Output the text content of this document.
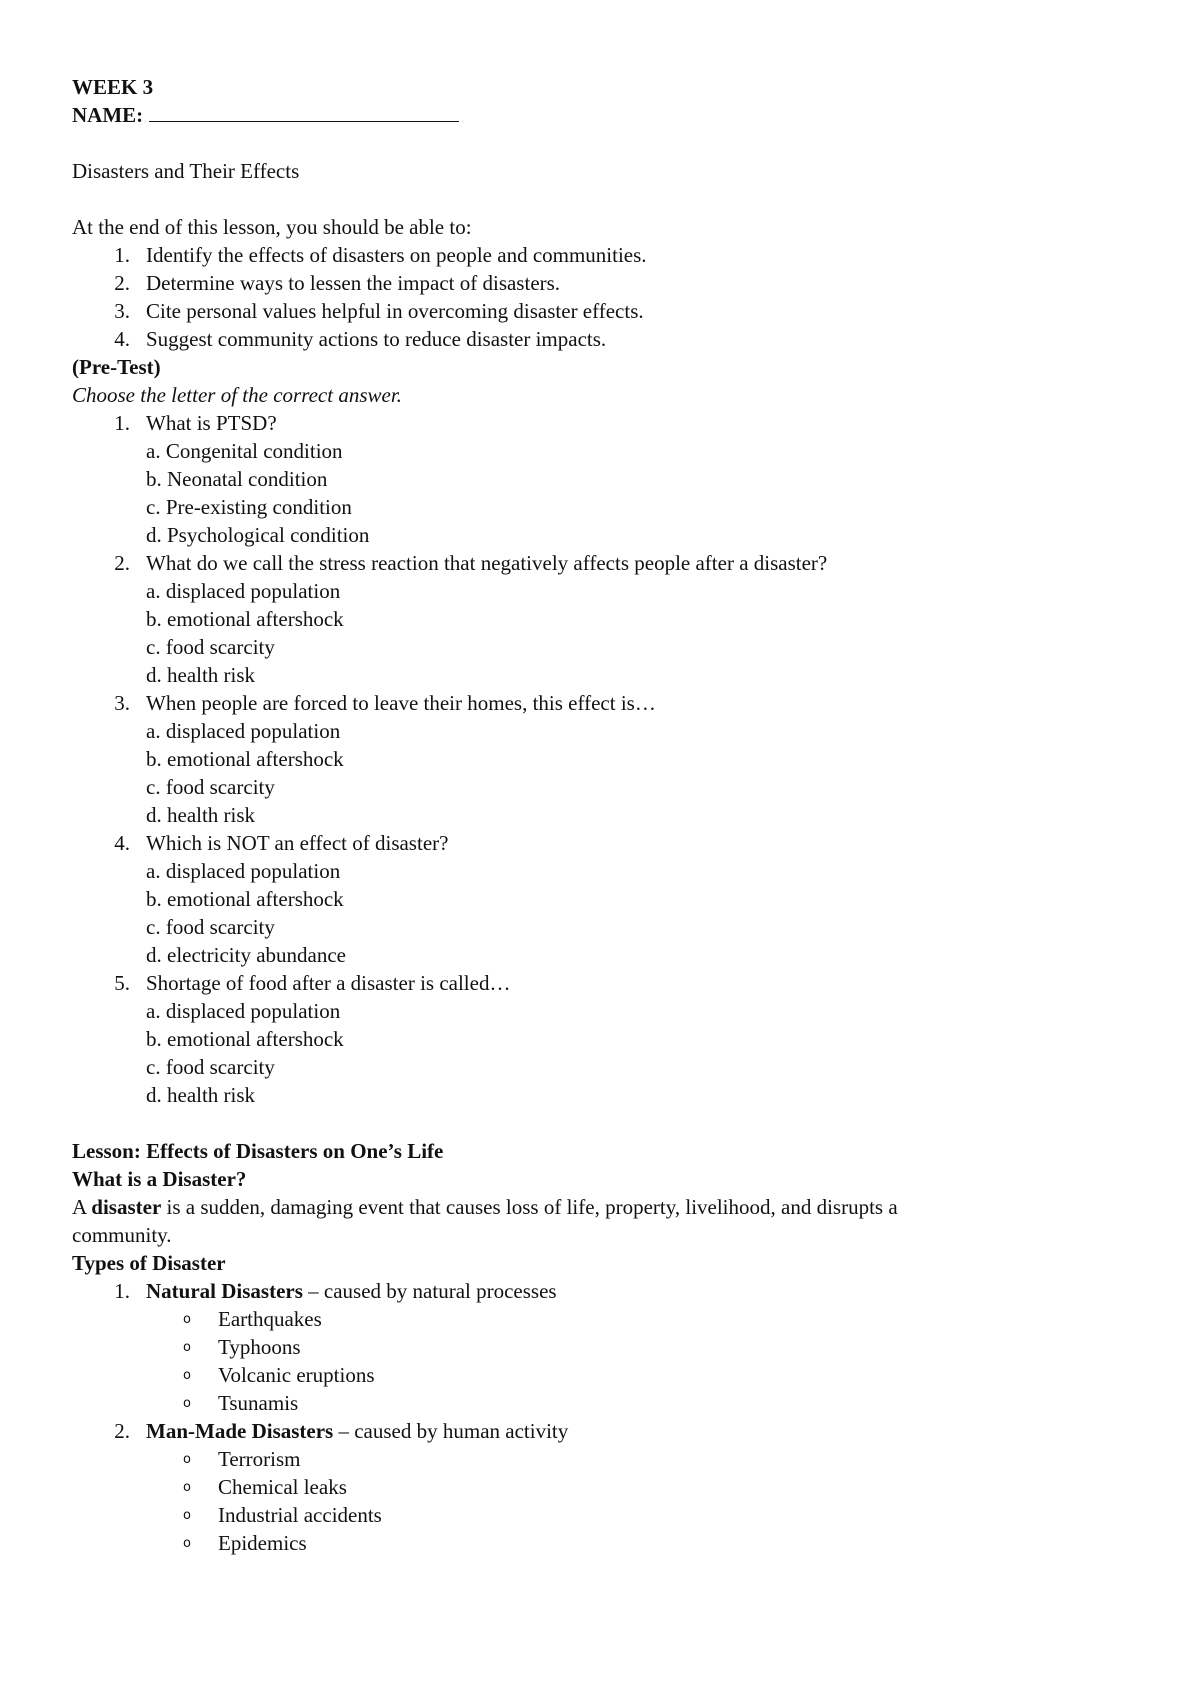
WEEK 3
NAME:
Disasters and Their Effects
At the end of this lesson, you should be able to:
1. Identify the effects of disasters on people and communities.
2. Determine ways to lessen the impact of disasters.
3. Cite personal values helpful in overcoming disaster effects.
4. Suggest community actions to reduce disaster impacts.
(Pre-Test)
Choose the letter of the correct answer.
1. What is PTSD?
a. Congenital condition
b. Neonatal condition
c. Pre-existing condition
d. Psychological condition
2. What do we call the stress reaction that negatively affects people after a disaster?
a. displaced population
b. emotional aftershock
c. food scarcity
d. health risk
3. When people are forced to leave their homes, this effect is…
a. displaced population
b. emotional aftershock
c. food scarcity
d. health risk
4. Which is NOT an effect of disaster?
a. displaced population
b. emotional aftershock
c. food scarcity
d. electricity abundance
5. Shortage of food after a disaster is called…
a. displaced population
b. emotional aftershock
c. food scarcity
d. health risk
Lesson: Effects of Disasters on One’s Life
What is a Disaster?
A disaster is a sudden, damaging event that causes loss of life, property, livelihood, and disrupts a
community.
Types of Disaster
1. Natural Disasters – caused by natural processes
o Earthquakes
o Typhoons
o Volcanic eruptions
o Tsunamis
2. Man-Made Disasters – caused by human activity
o Terrorism
o Chemical leaks
o Industrial accidents
o Epidemics
